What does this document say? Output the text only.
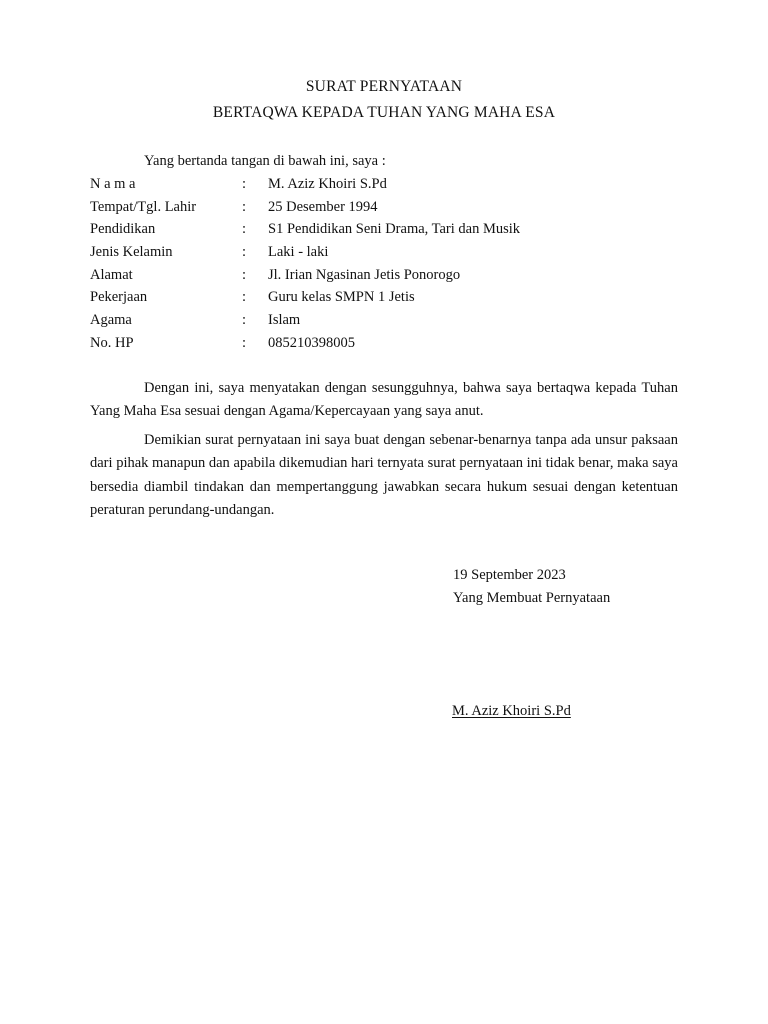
SURAT PERNYATAAN
BERTAQWA KEPADA TUHAN YANG MAHA ESA
Yang bertanda tangan di bawah ini, saya :
N a m a	: M. Aziz Khoiri S.Pd
Tempat/Tgl. Lahir	: 25 Desember 1994
Pendidikan	: S1 Pendidikan Seni Drama, Tari dan Musik
Jenis Kelamin	: Laki - laki
Alamat	: Jl. Irian Ngasinan Jetis Ponorogo
Pekerjaan	: Guru kelas SMPN 1 Jetis
Agama	: Islam
No. HP	: 085210398005

Dengan ini, saya menyatakan dengan sesungguhnya, bahwa saya bertaqwa kepada Tuhan Yang Maha Esa sesuai dengan Agama/Kepercayaan yang saya anut.

Demikian surat pernyataan ini saya buat dengan sebenar-benarnya tanpa ada unsur paksaan dari pihak manapun dan apabila dikemudian hari ternyata surat pernyataan ini tidak benar, maka saya bersedia diambil tindakan dan mempertanggung jawabkan secara hukum sesuai dengan ketentuan peraturan perundang-undangan.

19 September 2023
Yang Membuat Pernyataan
M. Aziz Khoiri S.Pd
